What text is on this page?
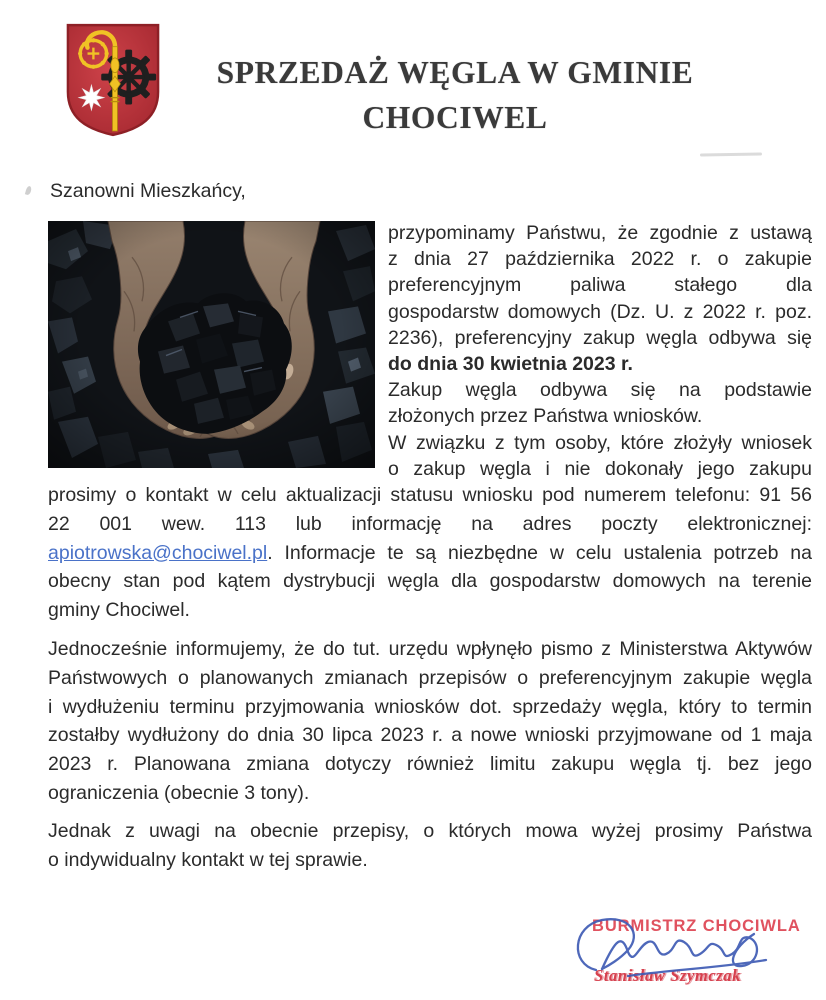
SPRZEDAŻ WĘGLA W GMINIE
CHOCIWEL
Szanowni Mieszkańcy,
przypominamy Państwu, że zgodnie z ustawą
z dnia 27 października 2022 r. o zakupie
preferencyjnym paliwa stałego dla
gospodarstw domowych (Dz. U. z 2022 r. poz.
2236), preferencyjny zakup węgla odbywa się
do dnia 30 kwietnia 2023 r.
Zakup węgla odbywa się na podstawie
złożonych przez Państwa wniosków.
W związku z tym osoby, które złożyły wniosek
o zakup węgla i nie dokonały jego zakupu
prosimy o kontakt w celu aktualizacji statusu wniosku pod numerem telefonu: 91 56
22 001 wew. 113 lub informację na adres poczty elektronicznej:
apiotrowska@chociwel.pl. Informacje te są niezbędne w celu ustalenia potrzeb na
obecny stan pod kątem dystrybucji węgla dla gospodarstw domowych na terenie
gminy Chociwel.
Jednocześnie informujemy, że do tut. urzędu wpłynęło pismo z Ministerstwa Aktywów
Państwowych o planowanych zmianach przepisów o preferencyjnym zakupie węgla
i wydłużeniu terminu przyjmowania wniosków dot. sprzedaży węgla, który to termin
zostałby wydłużony do dnia 30 lipca 2023 r. a nowe wnioski przyjmowane od 1 maja
2023 r. Planowana zmiana dotyczy również limitu zakupu węgla tj. bez jego
ograniczenia (obecnie 3 tony).
Jednak z uwagi na obecnie przepisy, o których mowa wyżej prosimy Państwa
o indywidualny kontakt w tej sprawie.
BURMISTRZ CHOCIWLA
Stanisław Szymczak
